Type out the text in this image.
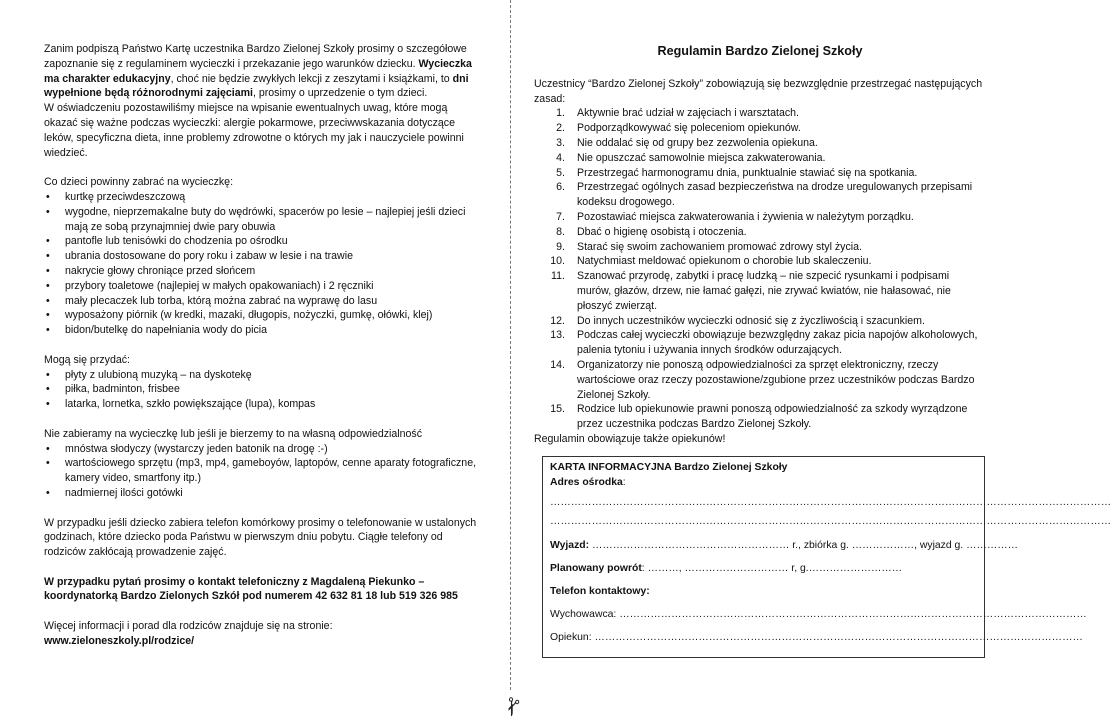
✁

Zanim podpiszą Państwo Kartę uczestnika Bardzo Zielonej Szkoły prosimy o szczegółowe zapoznanie się z regulaminem wycieczki i przekazanie jego warunków dziecku. Wycieczka ma charakter edukacyjny, choć nie będzie zwykłych lekcji z zeszytami i książkami, to dni wypełnione będą różnorodnymi zajęciami, prosimy o uprzedzenie o tym dzieci.

W oświadczeniu pozostawiliśmy miejsce na wpisanie ewentualnych uwag, które mogą okazać się ważne podczas wycieczki: alergie pokarmowe, przeciwwskazania dotyczące leków, specyficzna dieta, inne problemy zdrowotne o których my jak i nauczyciele powinni wiedzieć.

Co dzieci powinny zabrać na wycieczkę:

• kurtkę przeciwdeszczową
• wygodne, nieprzemakalne buty do wędrówki, spacerów po lesie – najlepiej jeśli dzieci mają ze sobą przynajmniej dwie pary obuwia
• pantofle lub tenisówki do chodzenia po ośrodku
• ubrania dostosowane do pory roku i zabaw w lesie i na trawie
• nakrycie głowy chroniące przed słońcem
• przybory toaletowe (najlepiej w małych opakowaniach) i 2 ręczniki
• mały plecaczek lub torba, którą można zabrać na wyprawę do lasu
• wyposażony piórnik (w kredki, mazaki, długopis, nożyczki, gumkę, ołówki, klej)
• bidon/butelkę do napełniania wody do picia

Mogą się przydać:

• płyty z ulubioną muzyką – na dyskotekę
• piłka, badminton, frisbee
• latarka, lornetka, szkło powiększające (lupa), kompas

Nie zabieramy na wycieczkę lub jeśli je bierzemy to na własną odpowiedzialność

• mnóstwa słodyczy (wystarczy jeden batonik na drogę :-)
• wartościowego sprzętu (mp3, mp4, gameboyów, laptopów, cenne aparaty fotograficzne, kamery video, smartfony itp.)
• nadmiernej ilości gotówki

W przypadku jeśli dziecko zabiera telefon komórkowy prosimy o telefonowanie w ustalonych godzinach, które dziecko poda Państwu w pierwszym dniu pobytu. Ciągłe telefony od rodziców zakłócają prowadzenie zajęć.

W przypadku pytań prosimy o kontakt telefoniczny z Magdaleną Piekunko – koordynatorką Bardzo Zielonych Szkół pod numerem 42 632 81 18 lub 519 326 985

Więcej informacji i porad dla rodziców znajduje się na stronie:

www.zieloneszkoly.pl/rodzice/

Regulamin Bardzo Zielonej Szkoły

Uczestnicy “Bardzo Zielonej Szkoły” zobowiązują się bezwzględnie przestrzegać następujących zasad:

1. Aktywnie brać udział w zajęciach i warsztatach.
2. Podporządkowywać się poleceniom opiekunów.
3. Nie oddalać się od grupy bez zezwolenia opiekuna.
4. Nie opuszczać samowolnie miejsca zakwaterowania.
5. Przestrzegać harmonogramu dnia, punktualnie stawiać się na spotkania.
6. Przestrzegać ogólnych zasad bezpieczeństwa na drodze uregulowanych przepisami kodeksu drogowego.
7. Pozostawiać miejsca zakwaterowania i żywienia w należytym porządku.
8. Dbać o higienę osobistą i otoczenia.
9. Starać się swoim zachowaniem promować zdrowy styl życia.
10. Natychmiast meldować opiekunom o chorobie lub skaleczeniu.
11. Szanować przyrodę, zabytki i pracę ludzką – nie szpecić rysunkami i podpisami murów, głazów, drzew, nie łamać gałęzi, nie zrywać kwiatów, nie hałasować, nie płoszyć zwierząt.
12. Do innych uczestników wycieczki odnosić się z życzliwością i szacunkiem.
13. Podczas całej wycieczki obowiązuje bezwzględny zakaz picia napojów alkoholowych, palenia tytoniu i używania innych środków odurzających.
14. Organizatorzy nie ponoszą odpowiedzialności za sprzęt elektroniczny, rzeczy wartościowe oraz rzeczy pozostawione/zgubione przez uczestników podczas Bardzo Zielonej Szkoły.
15. Rodzice lub opiekunowie prawni ponoszą odpowiedzialność za szkody wyrządzone przez uczestnika podczas Bardzo Zielonej Szkoły.

Regulamin obowiązuje także opiekunów!

KARTA INFORMACYJNA Bardzo Zielonej Szkoły
Adres ośrodka:
………………………………………………………………………………………………………………………………………………
………………………………………………………………………………………………………………………………………………
Wyjazd: ………………………………………………… r., zbiórka g. ………………, wyjazd g. ……………
Planowany powrót: ………, ………………………… r, g.………………………
Telefon kontaktowy:
Wychowawca: ………………………………………………………………………………………………………………………
Opiekun: ……………………………………………………………………………………………………………………………
